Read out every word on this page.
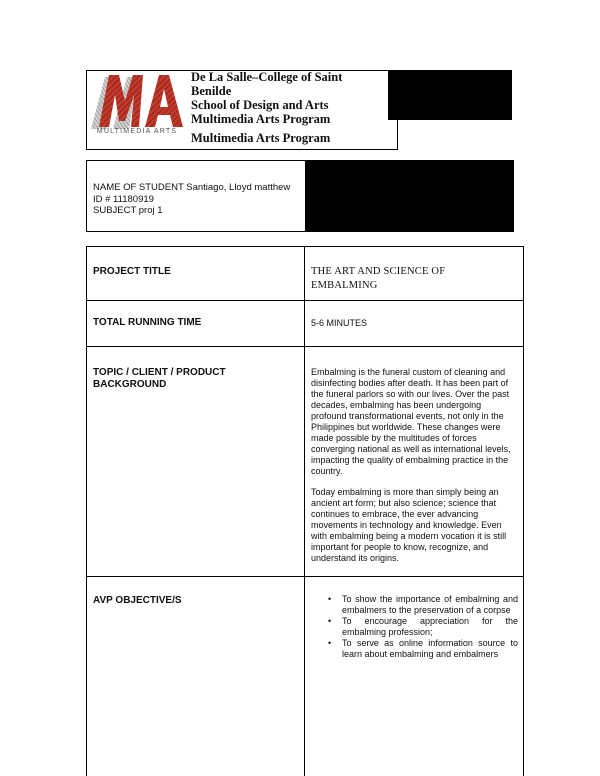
MULTIMEDIA ARTS
De La Salle–College of Saint
Benilde
School of Design and Arts
Multimedia Arts Program
Multimedia Arts Program
NAME OF STUDENT Santiago, Lloyd matthew
ID # 11180919
SUBJECT proj 1
PROJECT TITLE	THE ART AND SCIENCE OF EMBALMING
TOTAL RUNNING TIME	5-6 MINUTES
TOPIC / CLIENT / PRODUCT BACKGROUND

Embalming is the funeral custom of cleaning and disinfecting bodies after death. It has been part of the funeral parlors so with our lives. Over the past decades, embalming has been undergoing profound transformational events, not only in the Philippines but worldwide. These changes were made possible by the multitudes of forces converging national as well as international levels, impacting the quality of embalming practice in the country.

Today embalming is more than simply being an ancient art form; but also science; science that continues to embrace, the ever advancing movements in technology and knowledge. Even with embalming being a modern vocation it is still important for people to know, recognize, and understand its origins.

AVP OBJECTIVE/S
•	To show the importance of embalming and embalmers to the preservation of a corpse
• To encourage appreciation for the embalming profession;
• To serve as online information source to learn about embalming and embalmers
